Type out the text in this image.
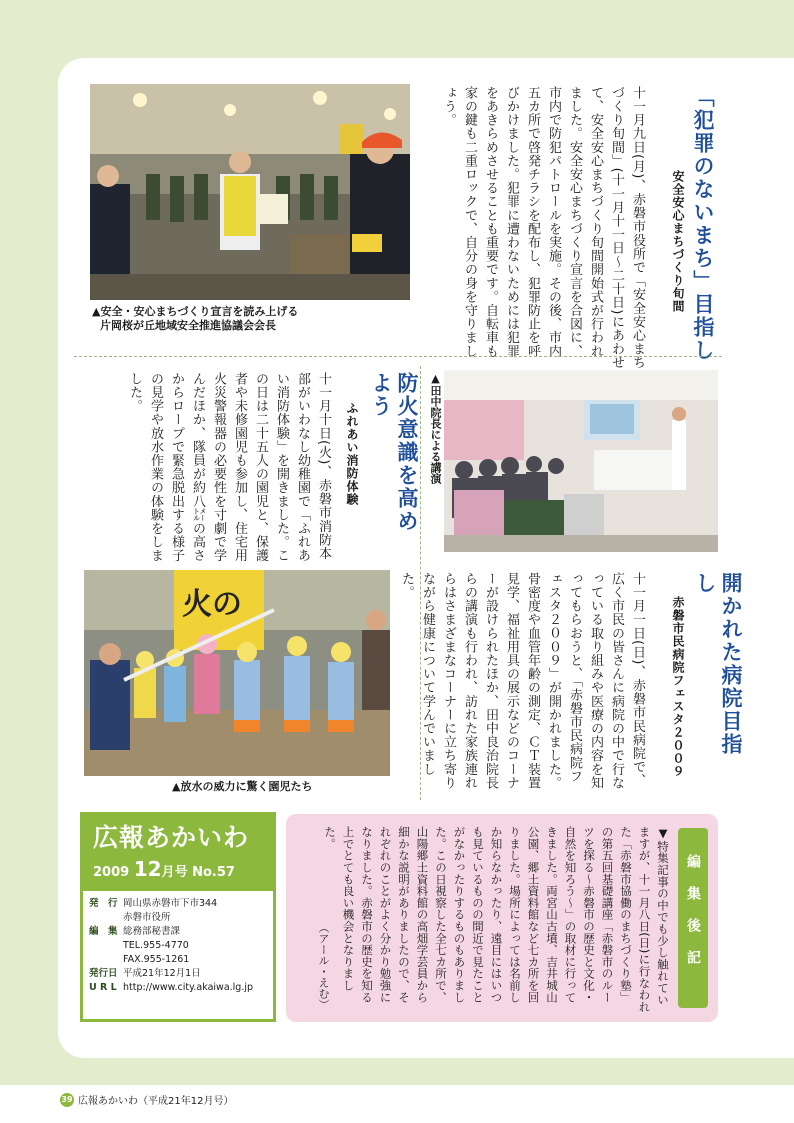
▲安全・安心まちづくり宣言を読み上げる
片岡桜が丘地域安全推進協議会会長	「犯罪のないまち」目指し
安全安心まちづくり旬間
十一月九日(月)、赤磐市役所で「安全安心まちづくり旬間」(十一月十一日〜二十日)にあわせて、安全安心まちづくり旬間開始式が行われました。安全安心まちづくり宣言を合図に、市内で防犯パトロールを実施。その後、市内五カ所で啓発チラシを配布し、犯罪防止を呼びかけました。犯罪に遭わないためには犯罪をあきらめさせることも重要です。自転車も家の鍵も二重ロックで、自分の身を守りましょう。
防火意識を高めよう
ふれあい消防体験
十一月十日(火)、赤磐市消防本部がいわなし幼稚園で「ふれあい消防体験」を開きました。この日は二十五人の園児と、保護者や未修園児も参加し、住宅用火災警報器の必要性を寸劇で学んだほか、隊員が約八㍍の高さからロープで緊急脱出する様子の見学や放水作業の体験をしました。
火の
▲放水の威力に驚く園児たち
▲田中院長による講演
開かれた病院目指し
赤磐市民病院フェスタ２００９
十一月一日(日)、赤磐市民病院で、広く市民の皆さんに病院の中で行なっている取り組みや医療の内容を知ってもらおうと、「赤磐市民病院フェスタ２００９」が開かれました。骨密度や血管年齢の測定、ＣＴ装置見学、福祉用具の展示などのコーナーが設けられたほか、田中良治院長らの講演も行われ、訪れた家族連れらはさまざまなコーナーに立ち寄りながら健康について学んでいました。
広報あかいわ
2009 12月号 No.57
発　行 岡山県赤磐市下市344
赤磐市役所
編　集 総務部秘書課
TEL.955-4770
FAX.955-1261
発行日 平成21年12月1日
U R L http://www.city.akaiwa.lg.jp
編集後記
▼特集記事の中でも少し触れていますが、十一月八日(日)に行なわれた「赤磐市協働のまちづくり塾」の第五回基礎講座「赤磐市のルーツを探る〜赤磐市の歴史と文化・自然を知ろう〜」の取材に行ってきました。両宮山古墳、吉井城山公園、郷土資料館など七カ所を回りました。場所によっては名前しか知らなかったり、遠目にはいつも見ているものの間近で見たことがなかったりするものもありました。この日視察した全七カ所で、山陽郷土資料館の高畑学芸員から細かな説明がありましたので、それぞれのことがよく分かり勉強になりました。赤磐市の歴史を知る上でとても良い機会となりました。
（アール・えむ）
39 広報あかいわ（平成21年12月号）
